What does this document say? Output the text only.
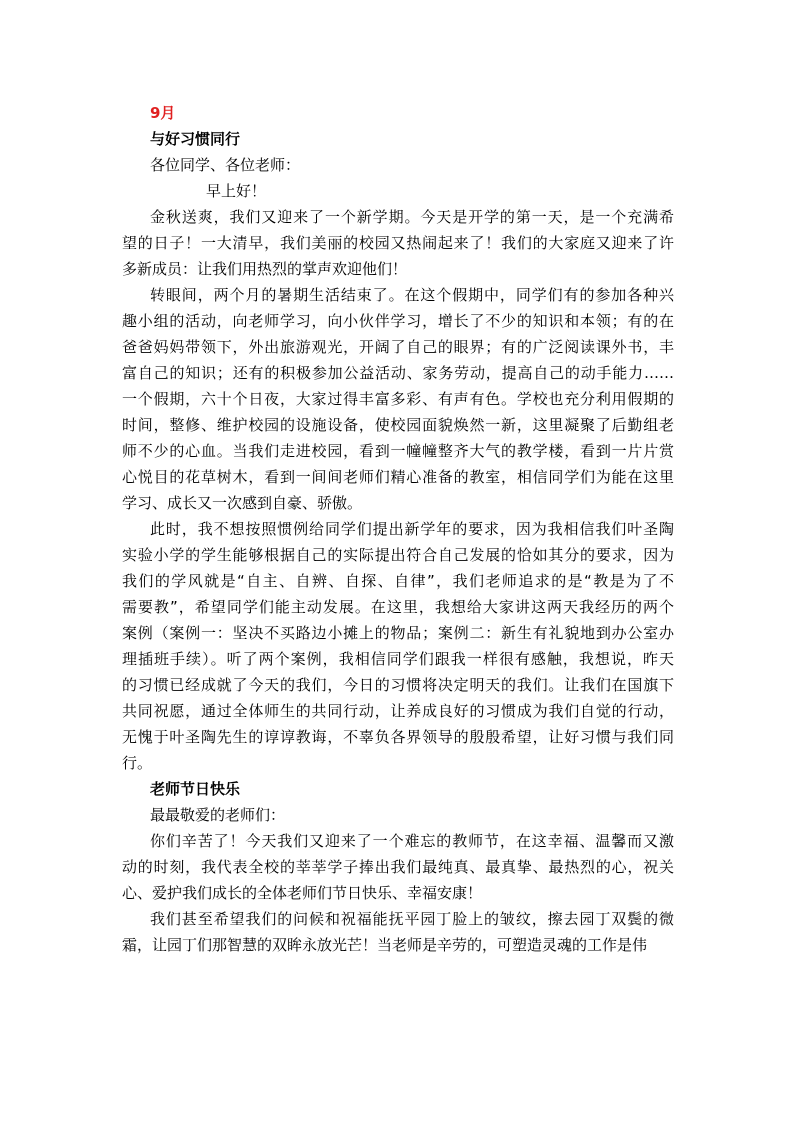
9月
与好习惯同行
各位同学、各位老师：
早上好！

金秋送爽，我们又迎来了一个新学期。今天是开学的第一天，是一个充满希

望的日子！一大清早，我们美丽的校园又热闹起来了！我们的大家庭又迎来了许

多新成员：让我们用热烈的掌声欢迎他们！

转眼间，两个月的暑期生活结束了。在这个假期中，同学们有的参加各种兴

趣小组的活动，向老师学习，向小伙伴学习，增长了不少的知识和本领；有的在

爸爸妈妈带领下，外出旅游观光，开阔了自己的眼界；有的广泛阅读课外书，丰

富自己的知识；还有的积极参加公益活动、家务劳动，提高自己的动手能力……

一个假期，六十个日夜，大家过得丰富多彩、有声有色。学校也充分利用假期的

时间，整修、维护校园的设施设备，使校园面貌焕然一新，这里凝聚了后勤组老

师不少的心血。当我们走进校园，看到一幢幢整齐大气的教学楼，看到一片片赏

心悦目的花草树木，看到一间间老师们精心准备的教室，相信同学们为能在这里

学习、成长又一次感到自豪、骄傲。

此时，我不想按照惯例给同学们提出新学年的要求，因为我相信我们叶圣陶

实验小学的学生能够根据自己的实际提出符合自己发展的恰如其分的要求，因为

我们的学风就是“自主、自辨、自探、自律”，我们老师追求的是“教是为了不

需要教”，希望同学们能主动发展。在这里，我想给大家讲这两天我经历的两个

案例（案例一：坚决不买路边小摊上的物品；案例二：新生有礼貌地到办公室办

理插班手续）。听了两个案例，我相信同学们跟我一样很有感触，我想说，昨天

的习惯已经成就了今天的我们，今日的习惯将决定明天的我们。让我们在国旗下

共同祝愿，通过全体师生的共同行动，让养成良好的习惯成为我们自觉的行动，

无愧于叶圣陶先生的谆谆教诲，不辜负各界领导的殷殷希望，让好习惯与我们同

行。

老师节日快乐
最最敬爱的老师们：

你们辛苦了！今天我们又迎来了一个难忘的教师节，在这幸福、温馨而又激

动的时刻，我代表全校的莘莘学子捧出我们最纯真、最真挚、最热烈的心，祝关

心、爱护我们成长的全体老师们节日快乐、幸福安康！

我们甚至希望我们的问候和祝福能抚平园丁脸上的皱纹，擦去园丁双鬓的微

霜，让园丁们那智慧的双眸永放光芒！当老师是辛劳的，可塑造灵魂的工作是伟
